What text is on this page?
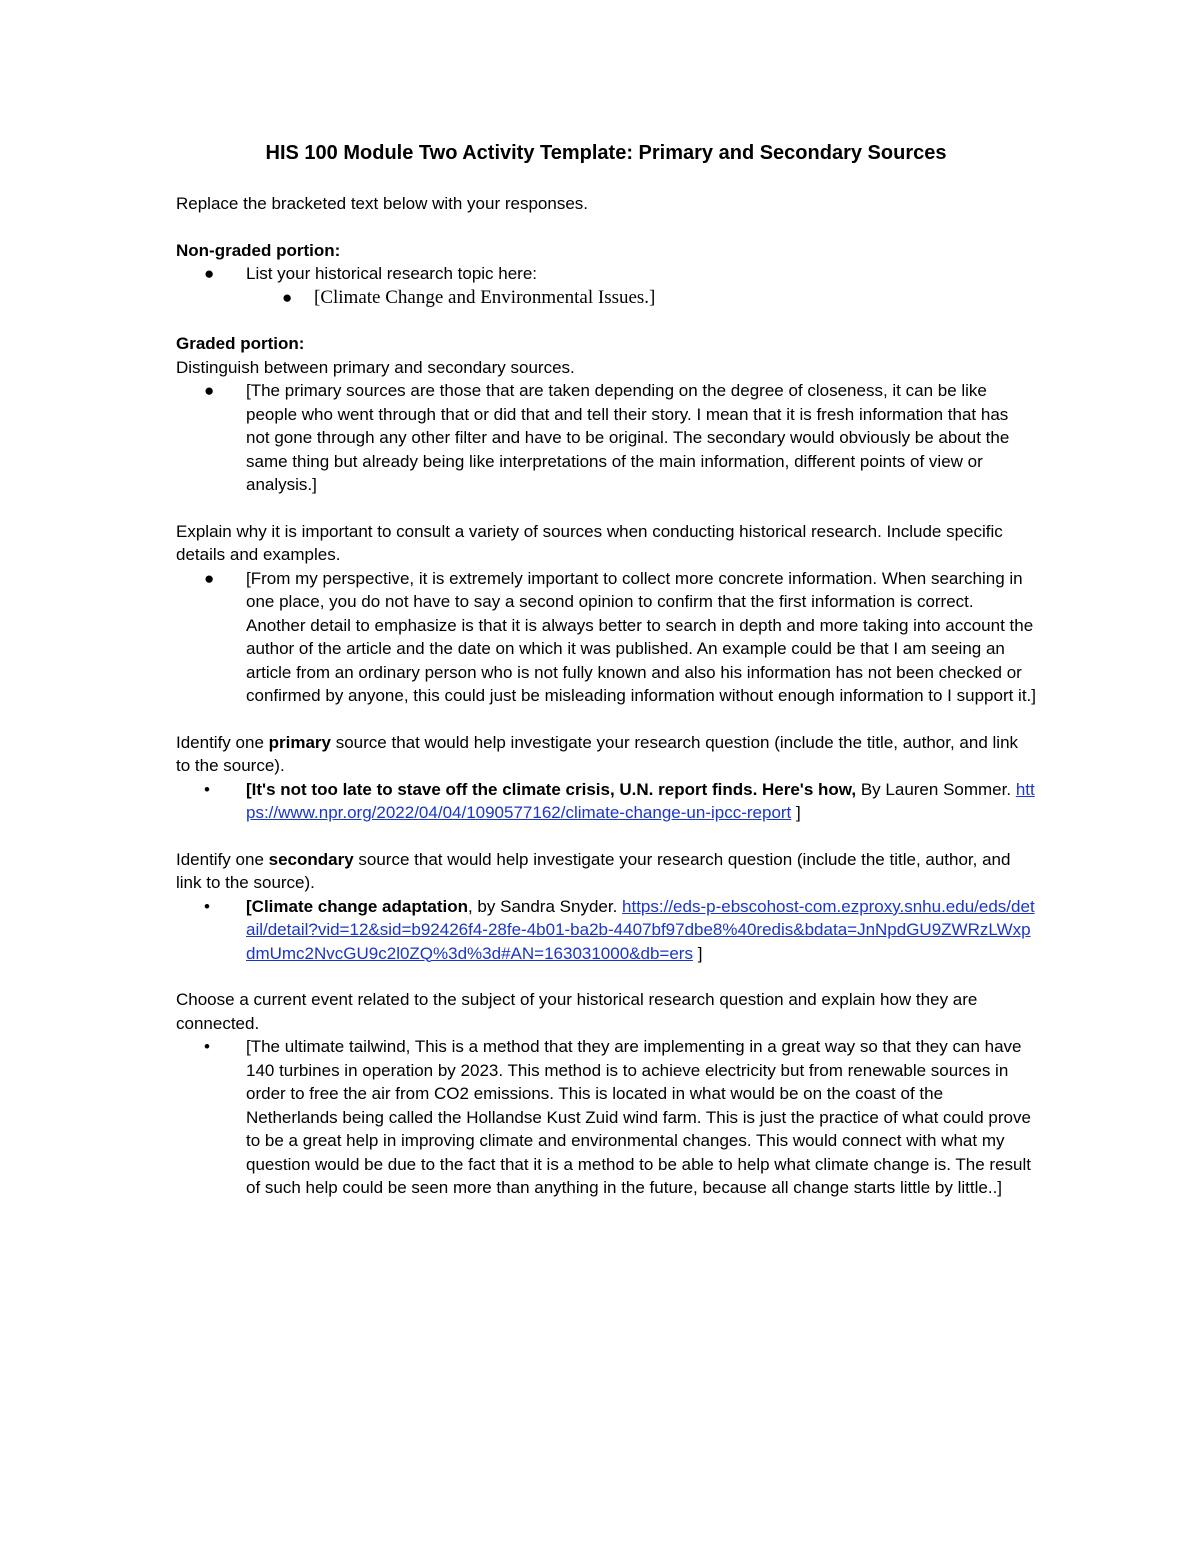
HIS 100 Module Two Activity Template: Primary and Secondary Sources

Replace the bracketed text below with your responses.

Non-graded portion:

● List your historical research topic here:
● [Climate Change and Environmental Issues.]

Graded portion:

Distinguish between primary and secondary sources.

● [The primary sources are those that are taken depending on the degree of closeness, it can be like people who went through that or did that and tell their story. I mean that it is fresh information that has not gone through any other filter and have to be original. The secondary would obviously be about the same thing but already being like interpretations of the main information, different points of view or analysis.]

Explain why it is important to consult a variety of sources when conducting historical research. Include specific details and examples.

● [From my perspective, it is extremely important to collect more concrete information. When searching in one place, you do not have to say a second opinion to confirm that the first information is correct. Another detail to emphasize is that it is always better to search in depth and more taking into account the author of the article and the date on which it was published. An example could be that I am seeing an article from an ordinary person who is not fully known and also his information has not been checked or confirmed by anyone, this could just be misleading information without enough information to I support it.]

Identify one primary source that would help investigate your research question (include the title, author, and link to the source).

• [It's not too late to stave off the climate crisis, U.N. report finds. Here's how, By Lauren Sommer. https://www.npr.org/2022/04/04/1090577162/climate-change-un-ipcc-report ]

Identify one secondary source that would help investigate your research question (include the title, author, and link to the source).

• [Climate change adaptation, by Sandra Snyder. https://eds-p-ebscohost-com.ezproxy.snhu.edu/eds/detail/detail?vid=12&sid=b92426f4-28fe-4b01-ba2b-4407bf97dbe8%40redis&bdata=JnNpdGU9ZWRzLWxpdmUmc2NvcGU9c2l0ZQ%3d%3d#AN=163031000&db=ers ]

Choose a current event related to the subject of your historical research question and explain how they are connected.

• [The ultimate tailwind, This is a method that they are implementing in a great way so that they can have 140 turbines in operation by 2023. This method is to achieve electricity but from renewable sources in order to free the air from CO2 emissions. This is located in what would be on the coast of the Netherlands being called the Hollandse Kust Zuid wind farm. This is just the practice of what could prove to be a great help in improving climate and environmental changes. This would connect with what my question would be due to the fact that it is a method to be able to help what climate change is. The result of such help could be seen more than anything in the future, because all change starts little by little..]
